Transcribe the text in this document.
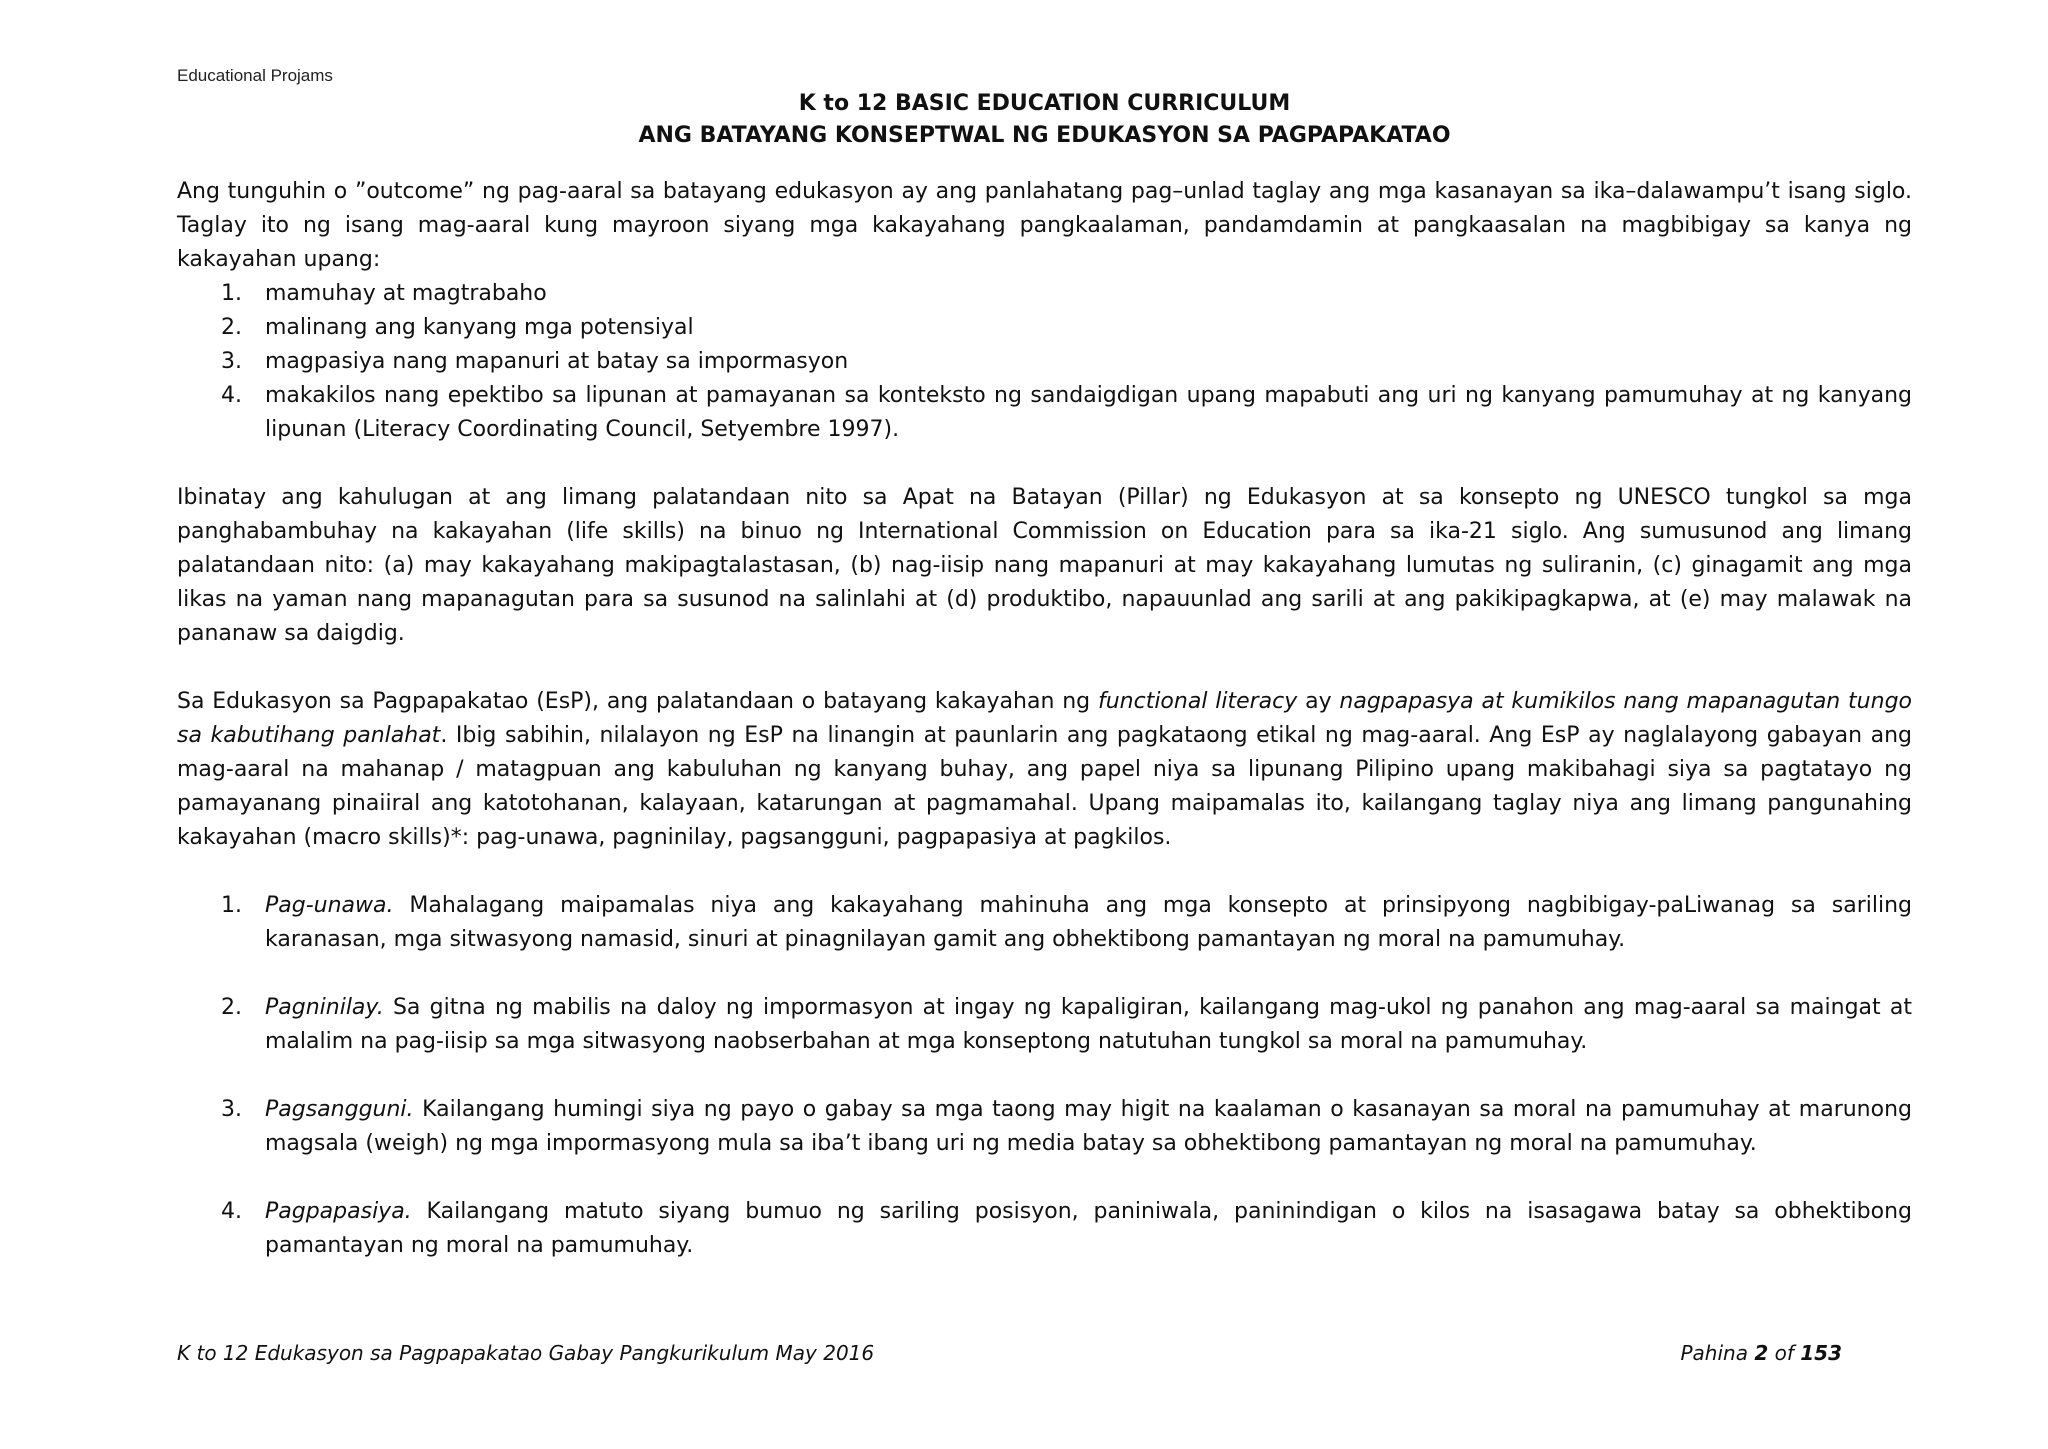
Educational Projams
K to 12 BASIC EDUCATION CURRICULUM
ANG BATAYANG KONSEPTWAL NG EDUKASYON SA PAGPAPAKATAO

Ang tunguhin o ”outcome” ng pag-aaral sa batayang edukasyon ay ang panlahatang pag–unlad taglay ang mga kasanayan sa ika–dalawampu’t isang siglo. Taglay ito ng isang mag-aaral kung mayroon siyang mga kakayahang pangkaalaman, pandamdamin at pangkaasalan na magbibigay sa kanya ng kakayahan upang:

1.	mamuhay at magtrabaho
2.	malinang ang kanyang mga potensiyal
3.	magpasiya nang mapanuri at batay sa impormasyon
4.	makakilos nang epektibo sa lipunan at pamayanan sa konteksto ng sandaigdigan upang mapabuti ang uri ng kanyang pamumuhay at ng kanyang lipunan (Literacy Coordinating Council, Setyembre 1997).

Ibinatay ang kahulugan at ang limang palatandaan nito sa Apat na Batayan (Pillar) ng Edukasyon at sa konsepto ng UNESCO tungkol sa mga panghabambuhay na kakayahan (life skills) na binuo ng International Commission on Education para sa ika-21 siglo. Ang sumusunod ang limang palatandaan nito: (a) may kakayahang makipagtalastasan, (b) nag-iisip nang mapanuri at may kakayahang lumutas ng suliranin, (c) ginagamit ang mga likas na yaman nang mapanagutan para sa susunod na salinlahi at (d) produktibo, napauunlad ang sarili at ang pakikipagkapwa, at (e) may malawak na pananaw sa daigdig.

Sa Edukasyon sa Pagpapakatao (EsP), ang palatandaan o batayang kakayahan ng functional literacy ay nagpapasya at kumikilos nang mapanagutan tungo sa kabutihang panlahat. Ibig sabihin, nilalayon ng EsP na linangin at paunlarin ang pagkataong etikal ng mag-aaral. Ang EsP ay naglalayong gabayan ang mag-aaral na mahanap / matagpuan ang kabuluhan ng kanyang buhay, ang papel niya sa lipunang Pilipino upang makibahagi siya sa pagtatayo ng pamayanang pinaiiral ang katotohanan, kalayaan, katarungan at pagmamahal. Upang maipamalas ito, kailangang taglay niya ang limang pangunahing kakayahan (macro skills)*: pag-unawa, pagninilay, pagsangguni, pagpapasiya at pagkilos.

1.	Pag-unawa. Mahalagang maipamalas niya ang kakayahang mahinuha ang mga konsepto at prinsipyong nagbibigay-paLiwanag sa sariling karanasan, mga sitwasyong namasid, sinuri at pinagnilayan gamit ang obhektibong pamantayan ng moral na pamumuhay.
2.	Pagninilay. Sa gitna ng mabilis na daloy ng impormasyon at ingay ng kapaligiran, kailangang mag-ukol ng panahon ang mag-aaral sa maingat at malalim na pag-iisip sa mga sitwasyong naobserbahan at mga konseptong natutuhan tungkol sa moral na pamumuhay.
3.	Pagsangguni. Kailangang humingi siya ng payo o gabay sa mga taong may higit na kaalaman o kasanayan sa moral na pamumuhay at marunong magsala (weigh) ng mga impormasyong mula sa iba’t ibang uri ng media batay sa obhektibong pamantayan ng moral na pamumuhay.
4.	Pagpapasiya. Kailangang matuto siyang bumuo ng sariling posisyon, paniniwala, paninindigan o kilos na isasagawa batay sa obhektibong pamantayan ng moral na pamumuhay.
K to 12 Edukasyon sa Pagpapakatao Gabay Pangkurikulum May 2016	Pahina 2 of 153
